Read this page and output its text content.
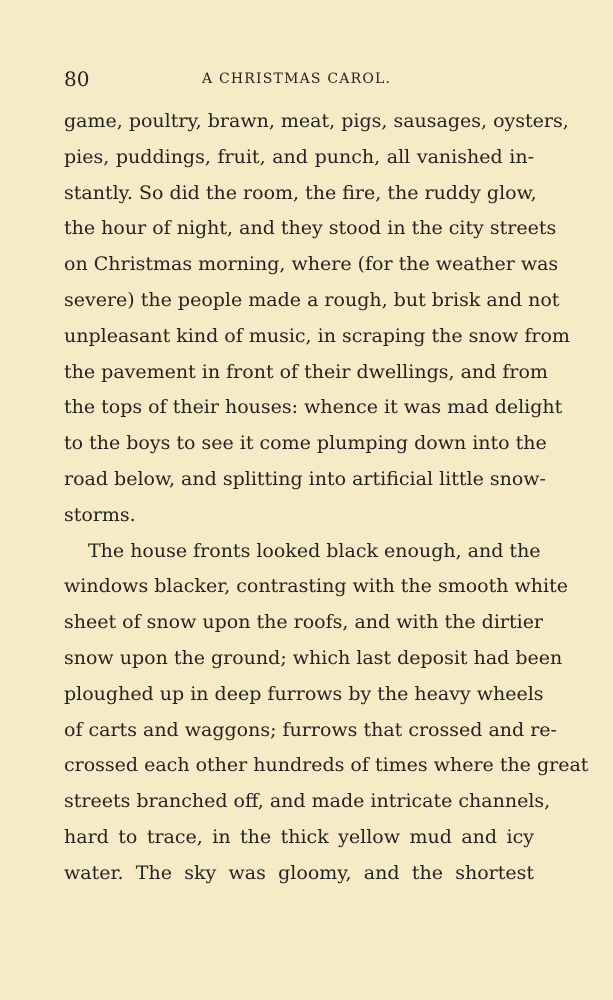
80	A CHRISTMAS CAROL.
game, poultry, brawn, meat, pigs, sausages, oysters,
pies, puddings, fruit, and punch, all vanished in-
stantly. So did the room, the fire, the ruddy glow,
the hour of night, and they stood in the city streets
on Christmas morning, where (for the weather was
severe) the people made a rough, but brisk and not
unpleasant kind of music, in scraping the snow from
the pavement in front of their dwellings, and from
the tops of their houses: whence it was mad delight
to the boys to see it come plumping down into the
road below, and splitting into artificial little snow-
storms.
The house fronts looked black enough, and the
windows blacker, contrasting with the smooth white
sheet of snow upon the roofs, and with the dirtier
snow upon the ground; which last deposit had been
ploughed up in deep furrows by the heavy wheels
of carts and waggons; furrows that crossed and re-
crossed each other hundreds of times where the great
streets branched off, and made intricate channels,
hard to trace, in the thick yellow mud and icy
water. The sky was gloomy, and the shortest
